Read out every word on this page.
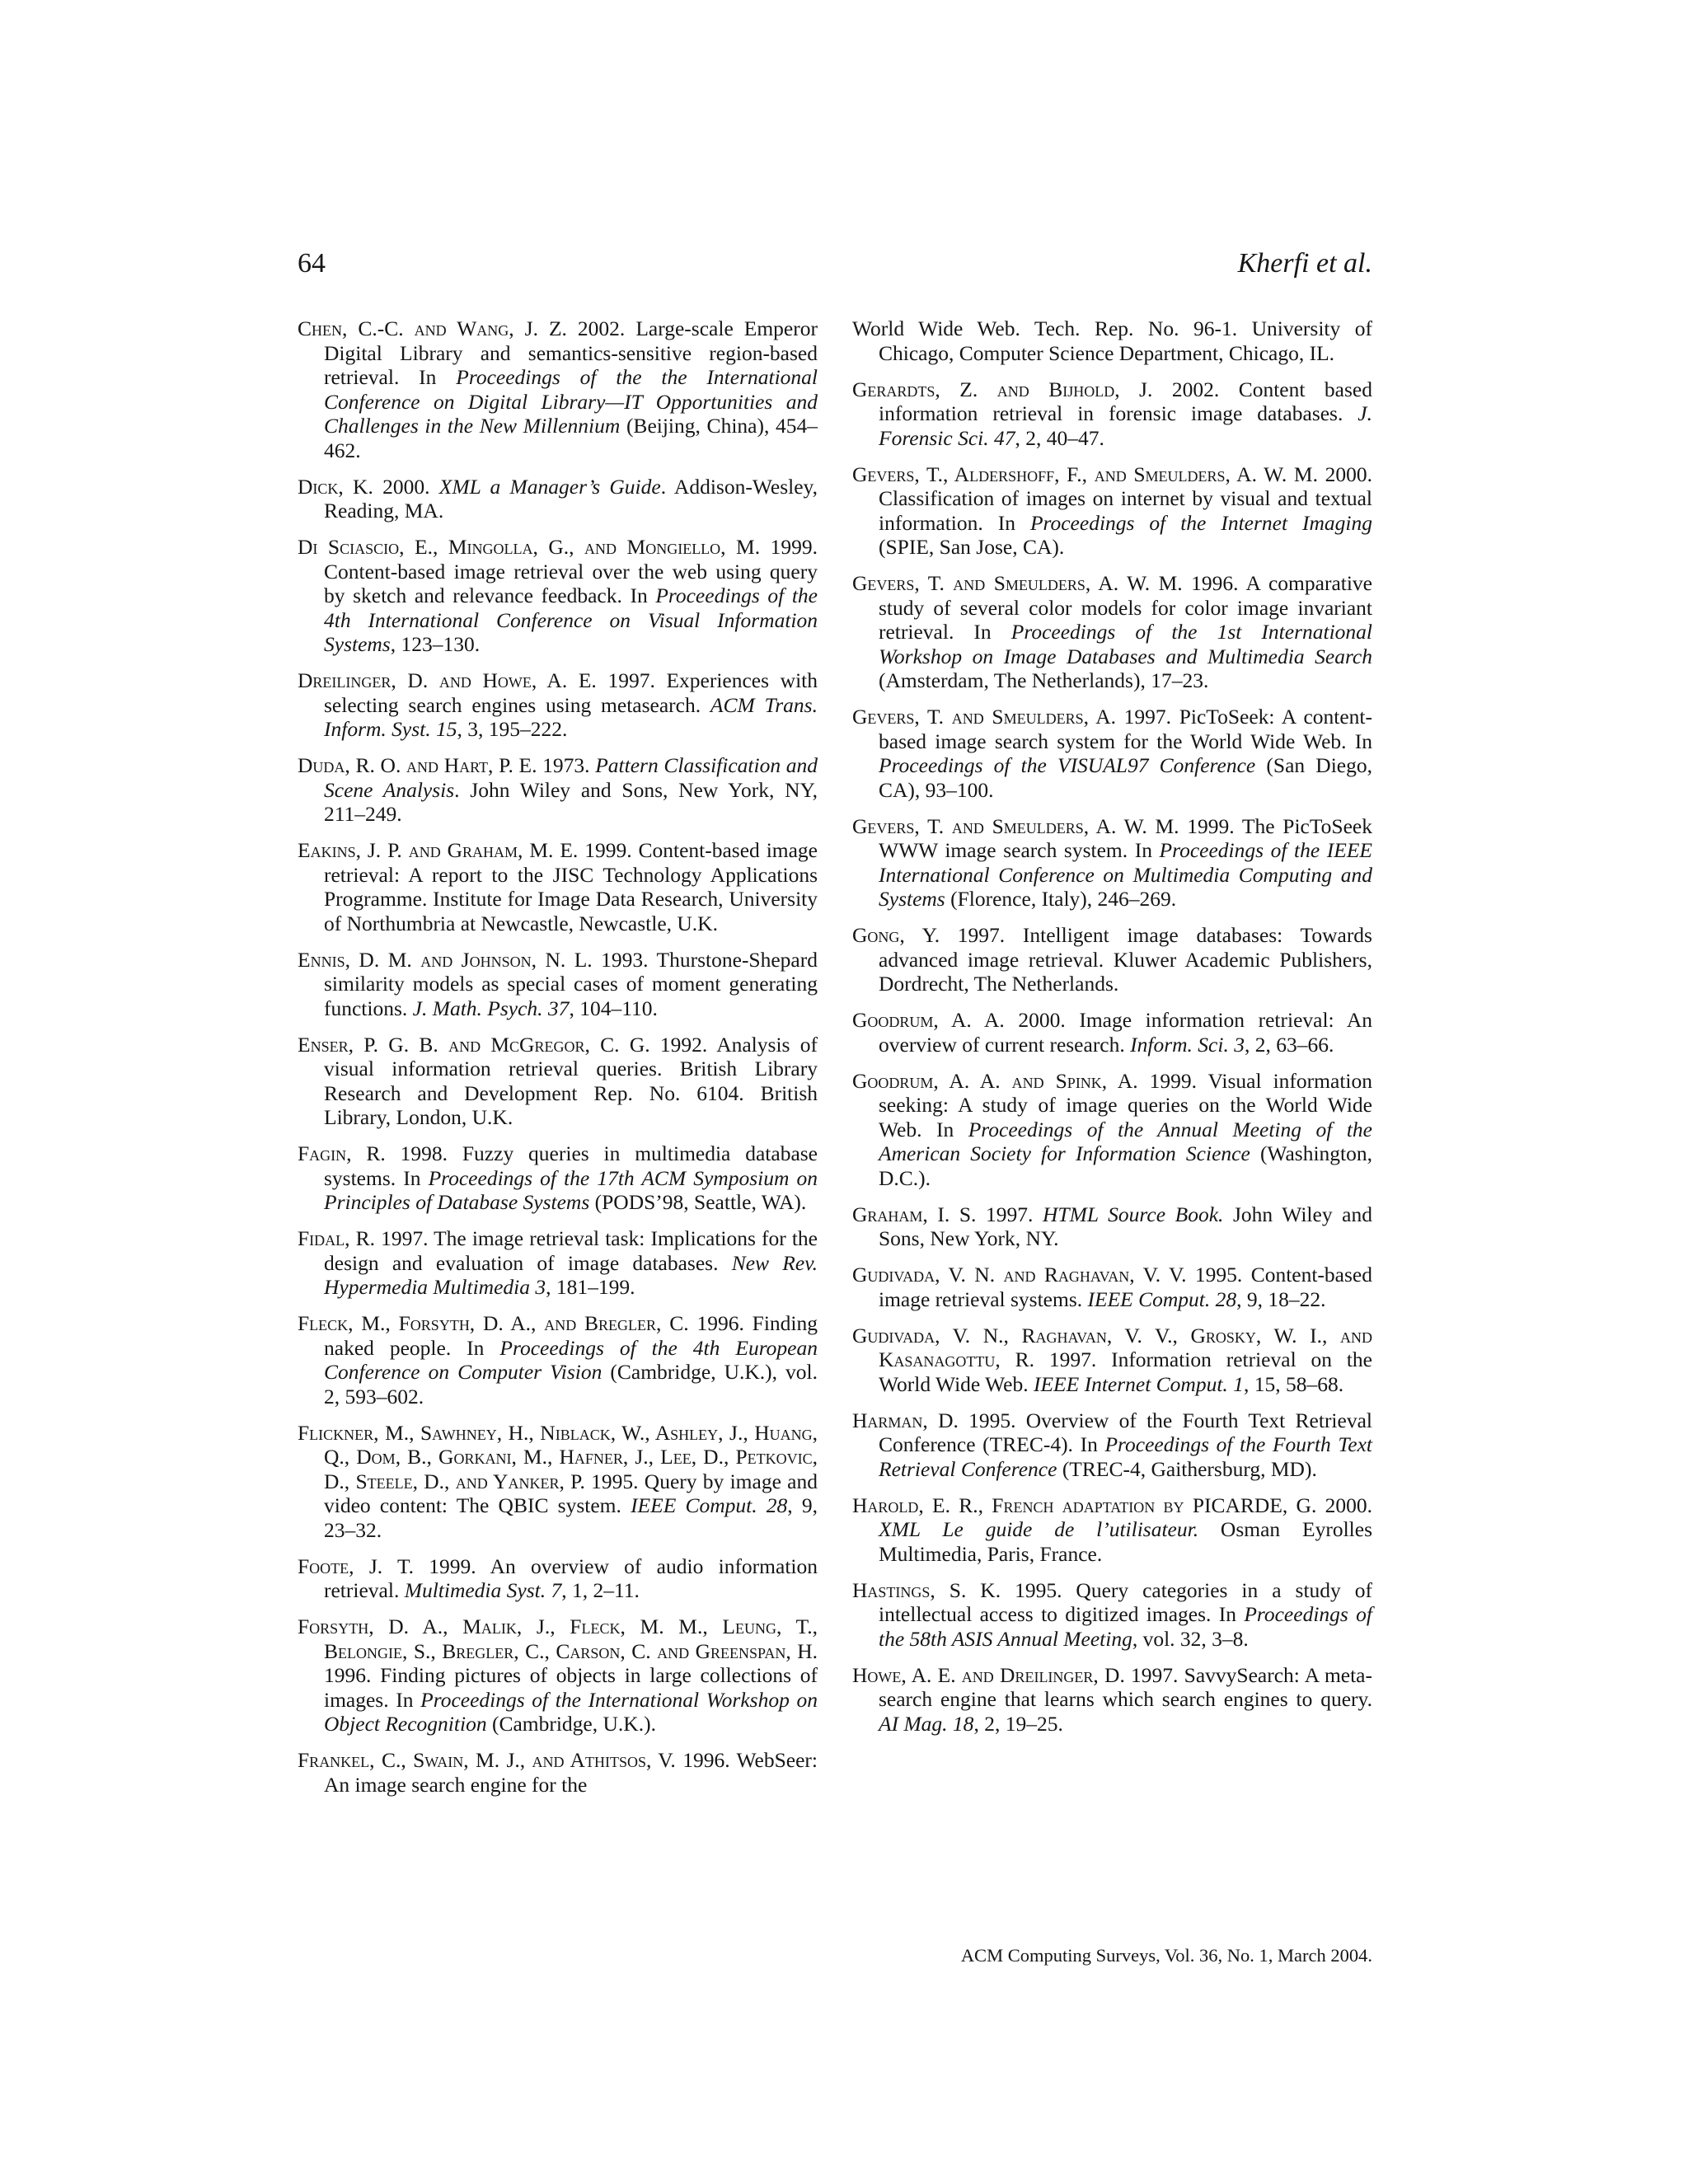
64	Kherfi et al.
Chen, C.-C. and Wang, J. Z. 2002. Large-scale Emperor Digital Library and semantics-sensitive region-based retrieval. In Proceedings of the the International Conference on Digital Library—IT Opportunities and Challenges in the New Millennium (Beijing, China), 454–462.
Dick, K. 2000. XML a Manager’s Guide. Addison-Wesley, Reading, MA.
Di Sciascio, E., Mingolla, G., and Mongiello, M. 1999. Content-based image retrieval over the web using query by sketch and relevance feedback. In Proceedings of the 4th International Conference on Visual Information Systems, 123–130.
Dreilinger, D. and Howe, A. E. 1997. Experiences with selecting search engines using metasearch. ACM Trans. Inform. Syst. 15, 3, 195–222.
Duda, R. O. and Hart, P. E. 1973. Pattern Classification and Scene Analysis. John Wiley and Sons, New York, NY, 211–249.
Eakins, J. P. and Graham, M. E. 1999. Content-based image retrieval: A report to the JISC Technology Applications Programme. Institute for Image Data Research, University of Northumbria at Newcastle, Newcastle, U.K.
Ennis, D. M. and Johnson, N. L. 1993. Thurstone-Shepard similarity models as special cases of moment generating functions. J. Math. Psych. 37, 104–110.
Enser, P. G. B. and McGregor, C. G. 1992. Analysis of visual information retrieval queries. British Library Research and Development Rep. No. 6104. British Library, London, U.K.
Fagin, R. 1998. Fuzzy queries in multimedia database systems. In Proceedings of the 17th ACM Symposium on Principles of Database Systems (PODS’98, Seattle, WA).
Fidal, R. 1997. The image retrieval task: Implications for the design and evaluation of image databases. New Rev. Hypermedia Multimedia 3, 181–199.
Fleck, M., Forsyth, D. A., and Bregler, C. 1996. Finding naked people. In Proceedings of the 4th European Conference on Computer Vision (Cambridge, U.K.), vol. 2, 593–602.
Flickner, M., Sawhney, H., Niblack, W., Ashley, J., Huang, Q., Dom, B., Gorkani, M., Hafner, J., Lee, D., Petkovic, D., Steele, D., and Yanker, P. 1995. Query by image and video content: The QBIC system. IEEE Comput. 28, 9, 23–32.
Foote, J. T. 1999. An overview of audio information retrieval. Multimedia Syst. 7, 1, 2–11.
Forsyth, D. A., Malik, J., Fleck, M. M., Leung, T., Belongie, S., Bregler, C., Carson, C. and Greenspan, H. 1996. Finding pictures of objects in large collections of images. In Proceedings of the International Workshop on Object Recognition (Cambridge, U.K.).
Frankel, C., Swain, M. J., and Athitsos, V. 1996. WebSeer: An image search engine for the
World Wide Web. Tech. Rep. No. 96-1. University of Chicago, Computer Science Department, Chicago, IL.
Gerardts, Z. and Bijhold, J. 2002. Content based information retrieval in forensic image databases. J. Forensic Sci. 47, 2, 40–47.
Gevers, T., Aldershoff, F., and Smeulders, A. W. M. 2000. Classification of images on internet by visual and textual information. In Proceedings of the Internet Imaging (SPIE, San Jose, CA).
Gevers, T. and Smeulders, A. W. M. 1996. A comparative study of several color models for color image invariant retrieval. In Proceedings of the 1st International Workshop on Image Databases and Multimedia Search (Amsterdam, The Netherlands), 17–23.
Gevers, T. and Smeulders, A. 1997. PicToSeek: A content-based image search system for the World Wide Web. In Proceedings of the VISUAL97 Conference (San Diego, CA), 93–100.
Gevers, T. and Smeulders, A. W. M. 1999. The PicToSeek WWW image search system. In Proceedings of the IEEE International Conference on Multimedia Computing and Systems (Florence, Italy), 246–269.
Gong, Y. 1997. Intelligent image databases: Towards advanced image retrieval. Kluwer Academic Publishers, Dordrecht, The Netherlands.
Goodrum, A. A. 2000. Image information retrieval: An overview of current research. Inform. Sci. 3, 2, 63–66.
Goodrum, A. A. and Spink, A. 1999. Visual information seeking: A study of image queries on the World Wide Web. In Proceedings of the Annual Meeting of the American Society for Information Science (Washington, D.C.).
Graham, I. S. 1997. HTML Source Book. John Wiley and Sons, New York, NY.
Gudivada, V. N. and Raghavan, V. V. 1995. Content-based image retrieval systems. IEEE Comput. 28, 9, 18–22.
Gudivada, V. N., Raghavan, V. V., Grosky, W. I., and Kasanagottu, R. 1997. Information retrieval on the World Wide Web. IEEE Internet Comput. 1, 15, 58–68.
Harman, D. 1995. Overview of the Fourth Text Retrieval Conference (TREC-4). In Proceedings of the Fourth Text Retrieval Conference (TREC-4, Gaithersburg, MD).
Harold, E. R., French adaptation by PICARDE, G. 2000. XML Le guide de l’utilisateur. Osman Eyrolles Multimedia, Paris, France.
Hastings, S. K. 1995. Query categories in a study of intellectual access to digitized images. In Proceedings of the 58th ASIS Annual Meeting, vol. 32, 3–8.
Howe, A. E. and Dreilinger, D. 1997. SavvySearch: A meta-search engine that learns which search engines to query. AI Mag. 18, 2, 19–25.
ACM Computing Surveys, Vol. 36, No. 1, March 2004.
